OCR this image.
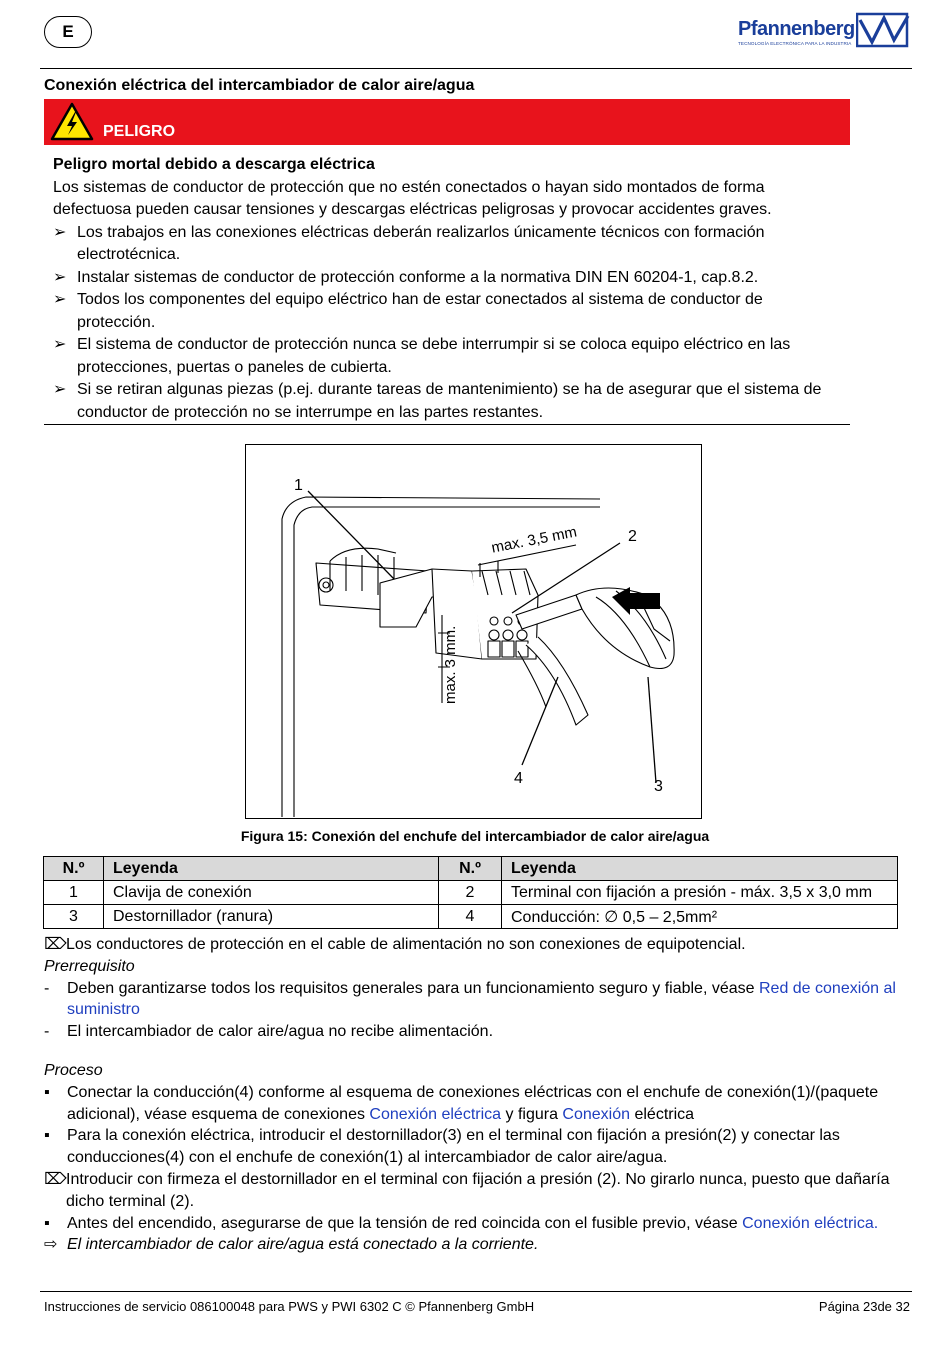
E	Pfannenberg
TECNOLOGÍA ELECTRÓNICA PARA LA INDUSTRIA
Conexión eléctrica del intercambiador de calor aire/agua
PELIGRO
Peligro mortal debido a descarga eléctrica
Los sistemas de conductor de protección que no estén conectados o hayan sido montados de forma defectuosa pueden causar tensiones y descargas eléctricas peligrosas y provocar accidentes graves.
➢ Los trabajos en las conexiones eléctricas deberán realizarlos únicamente técnicos con formación electrotécnica.
➢ Instalar sistemas de conductor de protección conforme a la normativa DIN EN 60204-1, cap.8.2.
➢ Todos los componentes del equipo eléctrico han de estar conectados al sistema de conductor de protección.
➢ El sistema de conductor de protección nunca se debe interrumpir si se coloca equipo eléctrico en las protecciones, puertas o paneles de cubierta.
➢ Si se retiran algunas piezas (p.ej. durante tareas de mantenimiento) se ha de asegurar que el sistema de conductor de protección no se interrumpe en las partes restantes.
1
2
3
4
max. 3,5 mm
max. 3 mm.
Figura 15: Conexión del enchufe del intercambiador de calor aire/agua
N.º	Leyenda	N.º	Leyenda
1	Clavija de conexión	2	Terminal con fijación a presión - máx. 3,5 x 3,0 mm
3	Destornillador (ranura)	4	Conducción: ∅ 0,5 – 2,5mm²
⌦ Los conductores de protección en el cable de alimentación no son conexiones de equipotencial.

Prerrequisito

- Deben garantizarse todos los requisitos generales para un funcionamiento seguro y fiable, véase Red de conexión al suministro
- El intercambiador de calor aire/agua no recibe alimentación.

Proceso

▪ Conectar la conducción(4) conforme al esquema de conexiones eléctricas con el enchufe de conexión(1)/(paquete adicional), véase esquema de conexiones Conexión eléctrica y figura Conexión eléctrica
▪ Para la conexión eléctrica, introducir el destornillador(3) en el terminal con fijación a presión(2) y conectar las conducciones(4) con el enchufe de conexión(1) al intercambiador de calor aire/agua.
⌦ Introducir con firmeza el destornillador en el terminal con fijación a presión (2). No girarlo nunca, puesto que dañaría dicho terminal (2).
▪ Antes del encendido, asegurarse de que la tensión de red coincida con el fusible previo, véase Conexión eléctrica.
⇨ El intercambiador de calor aire/agua está conectado a la corriente.
Instrucciones de servicio 086100048 para PWS y PWI 6302 C © Pfannenberg GmbH	Página 23de 32
